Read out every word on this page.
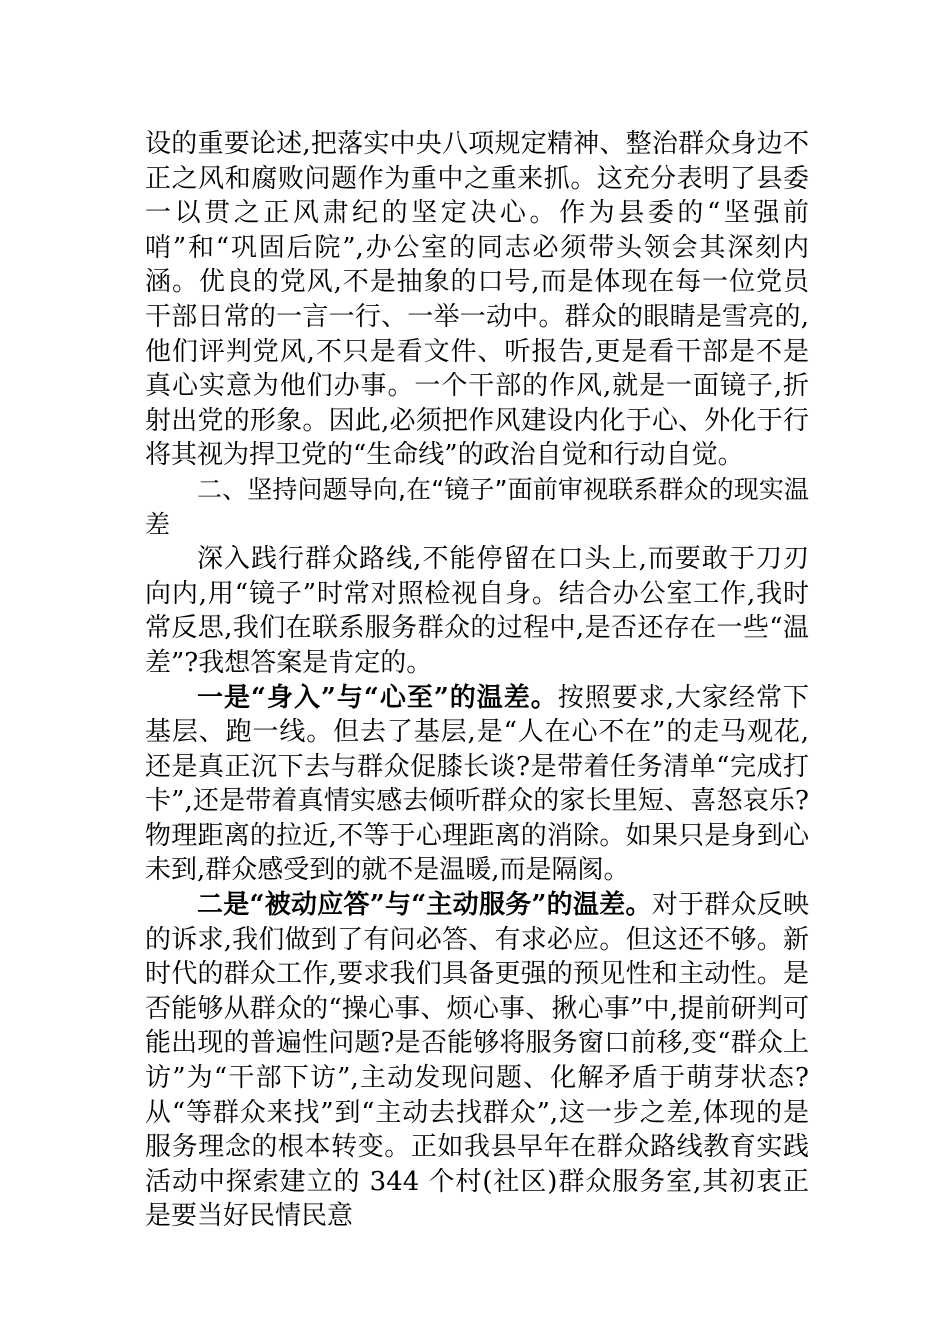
设的重要论述,把落实中央八项规定精神、整治群众身边不正之风和腐败问题作为重中之重来抓。这充分表明了县委一以贯之正风肃纪的坚定决心。作为县委的“坚强前哨”和“巩固后院”,办公室的同志必须带头领会其深刻内涵。优良的党风,不是抽象的口号,而是体现在每一位党员干部日常的一言一行、一举一动中。群众的眼睛是雪亮的,他们评判党风,不只是看文件、听报告,更是看干部是不是真心实意为他们办事。一个干部的作风,就是一面镜子,折射出党的形象。因此,必须把作风建设内化于心、外化于行将其视为捍卫党的“生命线”的政治自觉和行动自觉。

二、坚持问题导向,在“镜子”面前审视联系群众的现实温差

深入践行群众路线,不能停留在口头上,而要敢于刀刃向内,用“镜子”时常对照检视自身。结合办公室工作,我时常反思,我们在联系服务群众的过程中,是否还存在一些“温差”?我想答案是肯定的。

一是“身入”与“心至”的温差。按照要求,大家经常下基层、跑一线。但去了基层,是“人在心不在”的走马观花,还是真正沉下去与群众促膝长谈?是带着任务清单“完成打卡”,还是带着真情实感去倾听群众的家长里短、喜怒哀乐?物理距离的拉近,不等于心理距离的消除。如果只是身到心未到,群众感受到的就不是温暖,而是隔阂。

二是“被动应答”与“主动服务”的温差。对于群众反映的诉求,我们做到了有问必答、有求必应。但这还不够。新时代的群众工作,要求我们具备更强的预见性和主动性。是否能够从群众的“操心事、烦心事、揪心事”中,提前研判可能出现的普遍性问题?是否能够将服务窗口前移,变“群众上访”为“干部下访”,主动发现问题、化解矛盾于萌芽状态?从“等群众来找”到“主动去找群众”,这一步之差,体现的是服务理念的根本转变。正如我县早年在群众路线教育实践活动中探索建立的 344 个村(社区)群众服务室,其初衷正是要当好民情民意
